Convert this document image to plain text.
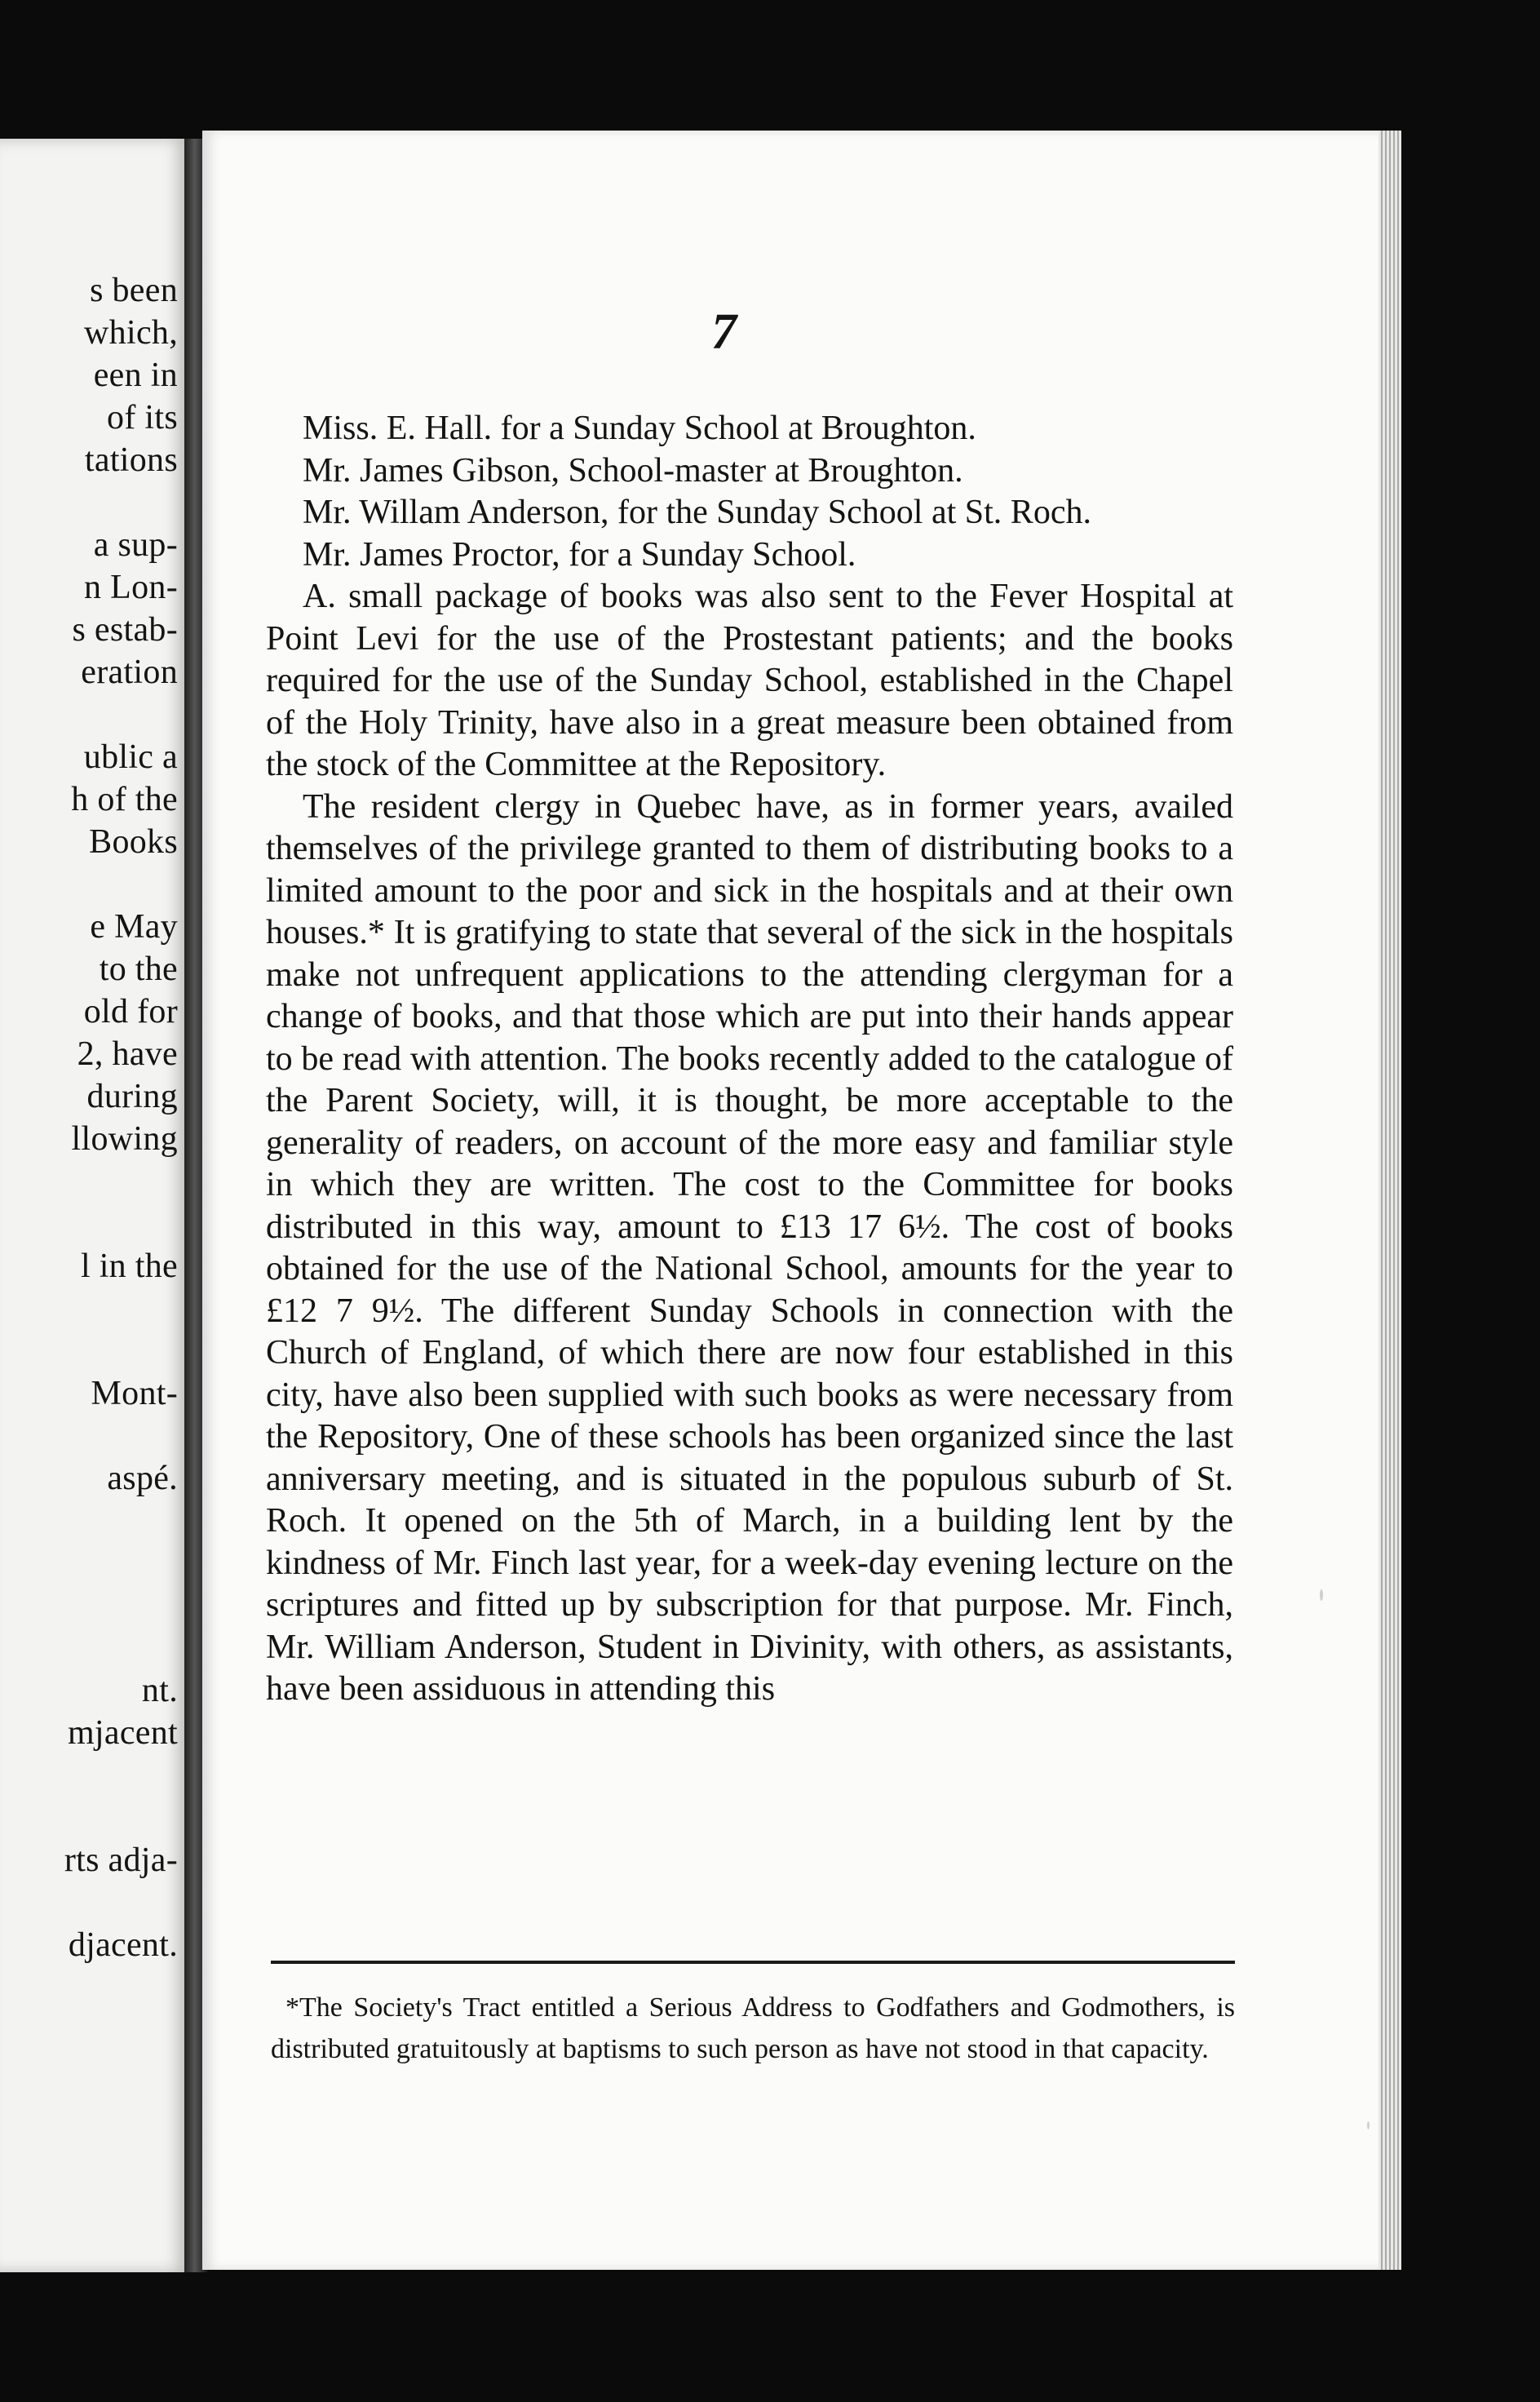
s been
which,
een in
of its
tations
a sup-
n Lon-
s estab-
eration
ublic a
h of the
Books
e May
to the
old for
2, have
during
llowing
l in the
Mont-
aspé.
nt.
mjacent
rts adja-
djacent.
7

Miss. E. Hall. for a Sunday School at Broughton.

Mr. James Gibson, School-master at Broughton.

Mr. Willam Anderson, for the Sunday School at St. Roch.

Mr. James Proctor, for a Sunday School.

A. small package of books was also sent to the Fever Hospital at Point Levi for the use of the Prostestant patients; and the books required for the use of the Sunday School, established in the Chapel of the Holy Trinity, have also in a great measure been obtained from the stock of the Committee at the Repository.

The resident clergy in Quebec have, as in former years, availed themselves of the privilege granted to them of distributing books to a limited amount to the poor and sick in the hospitals and at their own houses.* It is gratifying to state that several of the sick in the hospitals make not unfrequent applications to the attending clergyman for a change of books, and that those which are put into their hands appear to be read with attention. The books recently added to the catalogue of the Parent Society, will, it is thought, be more acceptable to the generality of readers, on account of the more easy and familiar style in which they are written. The cost to the Committee for books distributed in this way, amount to £13 17 6½. The cost of books obtained for the use of the National School, amounts for the year to £12 7 9½. The different Sunday Schools in connection with the Church of England, of which there are now four established in this city, have also been supplied with such books as were necessary from the Repository, One of these schools has been organized since the last anniversary meeting, and is situated in the populous suburb of St. Roch. It opened on the 5th of March, in a building lent by the kindness of Mr. Finch last year, for a week-day evening lecture on the scriptures and fitted up by subscription for that purpose. Mr. Finch, Mr. William Anderson, Student in Divinity, with others, as assistants, have been assiduous in attending this

*The Society's Tract entitled a Serious Address to Godfathers and Godmothers, is distributed gratuitously at baptisms to such person as have not stood in that capacity.
